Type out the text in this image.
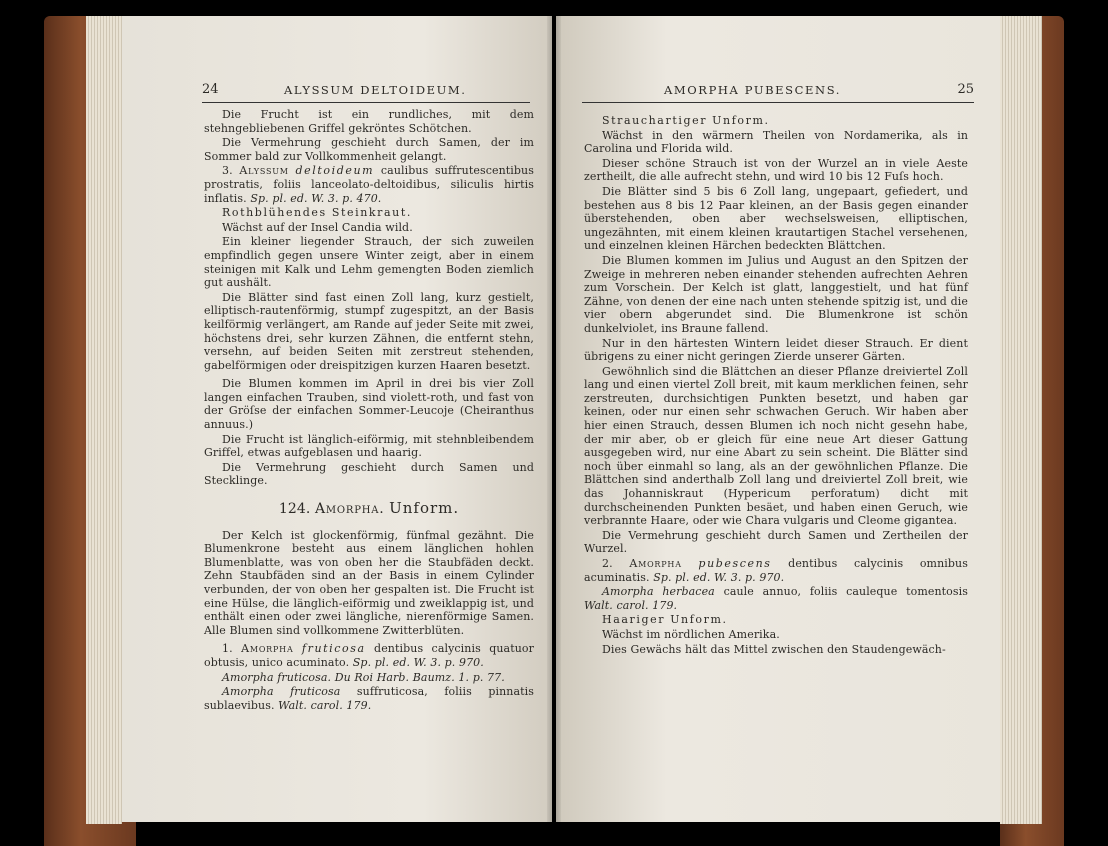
24	ALYSSUM DELTOIDEUM.

Die Frucht ist ein rundliches, mit dem stehngebliebenen Griffel gekröntes Schötchen.

Die Vermehrung geschieht durch Samen, der im Sommer bald zur Vollkommenheit gelangt.

3. Alyssum deltoideum caulibus suffrutescentibus prostratis, foliis lanceolato-deltoidibus, siliculis hirtis inflatis. Sp. pl. ed. W. 3. p. 470.

Rothblühendes Steinkraut.

Wächst auf der Insel Candia wild.

Ein kleiner liegender Strauch, der sich zuweilen empfindlich gegen unsere Winter zeigt, aber in einem steinigen mit Kalk und Lehm gemengten Boden ziemlich gut aushält.

Die Blätter sind fast einen Zoll lang, kurz gestielt, elliptisch-rautenförmig, stumpf zugespitzt, an der Basis keilförmig verlängert, am Rande auf jeder Seite mit zwei, höchstens drei, sehr kurzen Zähnen, die entfernt stehn, versehn, auf beiden Seiten mit zerstreut stehenden, gabelförmigen oder dreispitzigen kurzen Haaren besetzt.

Die Blumen kommen im April in drei bis vier Zoll langen einfachen Trauben, sind violett-roth, und fast von der Gröſse der einfachen Sommer-Leucoje (Cheiranthus annuus.)

Die Frucht ist länglich-eiförmig, mit stehnbleibendem Griffel, etwas aufgeblasen und haarig.

Die Vermehrung geschieht durch Samen und Stecklinge.

124. Amorpha. Unform.

Der Kelch ist glockenförmig, fünfmal gezähnt. Die Blumenkrone besteht aus einem länglichen hohlen Blumenblatte, was von oben her die Staubfäden deckt. Zehn Staubfäden sind an der Basis in einem Cylinder verbunden, der von oben her gespalten ist. Die Frucht ist eine Hülse, die länglich-eiförmig und zweiklappig ist, und enthält einen oder zwei längliche, nierenförmige Samen. Alle Blumen sind vollkommene Zwitterblüten.

1. Amorpha fruticosa dentibus calycinis quatuor obtusis, unico acuminato. Sp. pl. ed. W. 3. p. 970.

Amorpha fruticosa. Du Roi Harb. Baumz. 1. p. 77.

Amorpha fruticosa suffruticosa, foliis pinnatis sublaevibus. Walt. carol. 179.

AMORPHA PUBESCENS.	25

Strauchartiger Unform.

Wächst in den wärmern Theilen von Nordamerika, als in Carolina und Florida wild.

Dieser schöne Strauch ist von der Wurzel an in viele Aeste zertheilt, die alle aufrecht stehn, und wird 10 bis 12 Fuſs hoch.

Die Blätter sind 5 bis 6 Zoll lang, ungepaart, gefiedert, und bestehen aus 8 bis 12 Paar kleinen, an der Basis gegen einander überstehenden, oben aber wechselsweisen, elliptischen, ungezähnten, mit einem kleinen krautartigen Stachel versehenen, und einzelnen kleinen Härchen bedeckten Blättchen.

Die Blumen kommen im Julius und August an den Spitzen der Zweige in mehreren neben einander stehenden aufrechten Aehren zum Vorschein. Der Kelch ist glatt, langgestielt, und hat fünf Zähne, von denen der eine nach unten stehende spitzig ist, und die vier obern abgerundet sind. Die Blumenkrone ist schön dunkelviolet, ins Braune fallend.

Nur in den härtesten Wintern leidet dieser Strauch. Er dient übrigens zu einer nicht geringen Zierde unserer Gärten.

Gewöhnlich sind die Blättchen an dieser Pflanze dreiviertel Zoll lang und einen viertel Zoll breit, mit kaum merklichen feinen, sehr zerstreuten, durchsichtigen Punkten besetzt, und haben gar keinen, oder nur einen sehr schwachen Geruch. Wir haben aber hier einen Strauch, dessen Blumen ich noch nicht gesehn habe, der mir aber, ob er gleich für eine neue Art dieser Gattung ausgegeben wird, nur eine Abart zu sein scheint. Die Blätter sind noch über einmahl so lang, als an der gewöhnlichen Pflanze. Die Blättchen sind anderthalb Zoll lang und dreiviertel Zoll breit, wie das Johanniskraut (Hypericum perforatum) dicht mit durchscheinenden Punkten besäet, und haben einen Geruch, wie verbrannte Haare, oder wie Chara vulgaris und Cleome gigantea.

Die Vermehrung geschieht durch Samen und Zertheilen der Wurzel.

2. Amorpha pubescens dentibus calycinis omnibus acuminatis. Sp. pl. ed. W. 3. p. 970.

Amorpha herbacea caule annuo, foliis cauleque tomentosis Walt. carol. 179.

Haariger Unform.

Wächst im nördlichen Amerika.

Dies Gewächs hält das Mittel zwischen den Staudengewäch-
